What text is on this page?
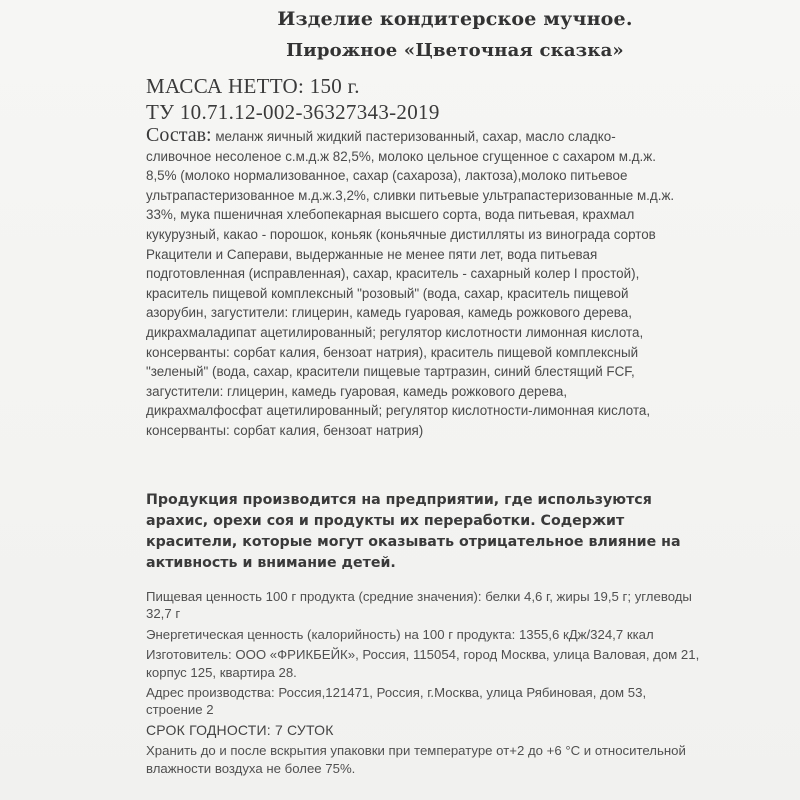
Изделие кондитерское мучное.
Пирожное «Цветочная сказка»
МАССА НЕТТО: 150 г.
ТУ 10.71.12-002-36327343-2019
Состав: меланж яичный жидкий пастеризованный, сахар, масло сладко-сливочное несоленое с.м.д.ж 82,5%, молоко цельное сгущенное с сахаром м.д.ж. 8,5% (молоко нормализованное, сахар (сахароза), лактоза),молоко питьевое ультрапастеризованное м.д.ж.3,2%, сливки питьевые ультрапастеризованные м.д.ж. 33%, мука пшеничная хлебопекарная высшего сорта, вода питьевая, крахмал кукурузный, какао - порошок, коньяк (коньячные дистилляты из винограда сортов Ркацители и Саперави, выдержанные не менее пяти лет, вода питьевая подготовленная (исправленная), сахар, краситель - сахарный колер I простой), краситель пищевой комплексный "розовый" (вода, сахар, краситель пищевой азорубин, загустители: глицерин, камедь гуаровая, камедь рожкового дерева, дикрахмаладипат ацетилированный; регулятор кислотности лимонная кислота, консерванты: сорбат калия, бензоат натрия), краситель пищевой комплексный "зеленый" (вода, сахар, красители пищевые тартразин, синий блестящий FCF, загустители: глицерин, камедь гуаровая, камедь рожкового дерева, дикрахмалфосфат ацетилированный; регулятор кислотности-лимонная кислота, консерванты: сорбат калия, бензоат натрия)
Продукция производится на предприятии, где используются арахис, орехи соя и продукты их переработки. Содержит красители, которые могут оказывать отрицательное влияние на активность и внимание детей.

Пищевая ценность 100 г продукта (средние значения): белки 4,6 г, жиры 19,5 г; углеводы 32,7 г

Энергетическая ценность (калорийность) на 100 г продукта: 1355,6 кДж/324,7 ккал

Изготовитель: ООО «ФРИКБЕЙК», Россия, 115054, город Москва, улица Валовая, дом 21, корпус 125, квартира 28.

Адрес производства: Россия,121471, Россия, г.Москва, улица Рябиновая, дом 53, строение 2

СРОК ГОДНОСТИ: 7 СУТОК

Хранить до и после вскрытия упаковки при температуре от+2 до +6 °С и относительной влажности воздуха не более 75%.
